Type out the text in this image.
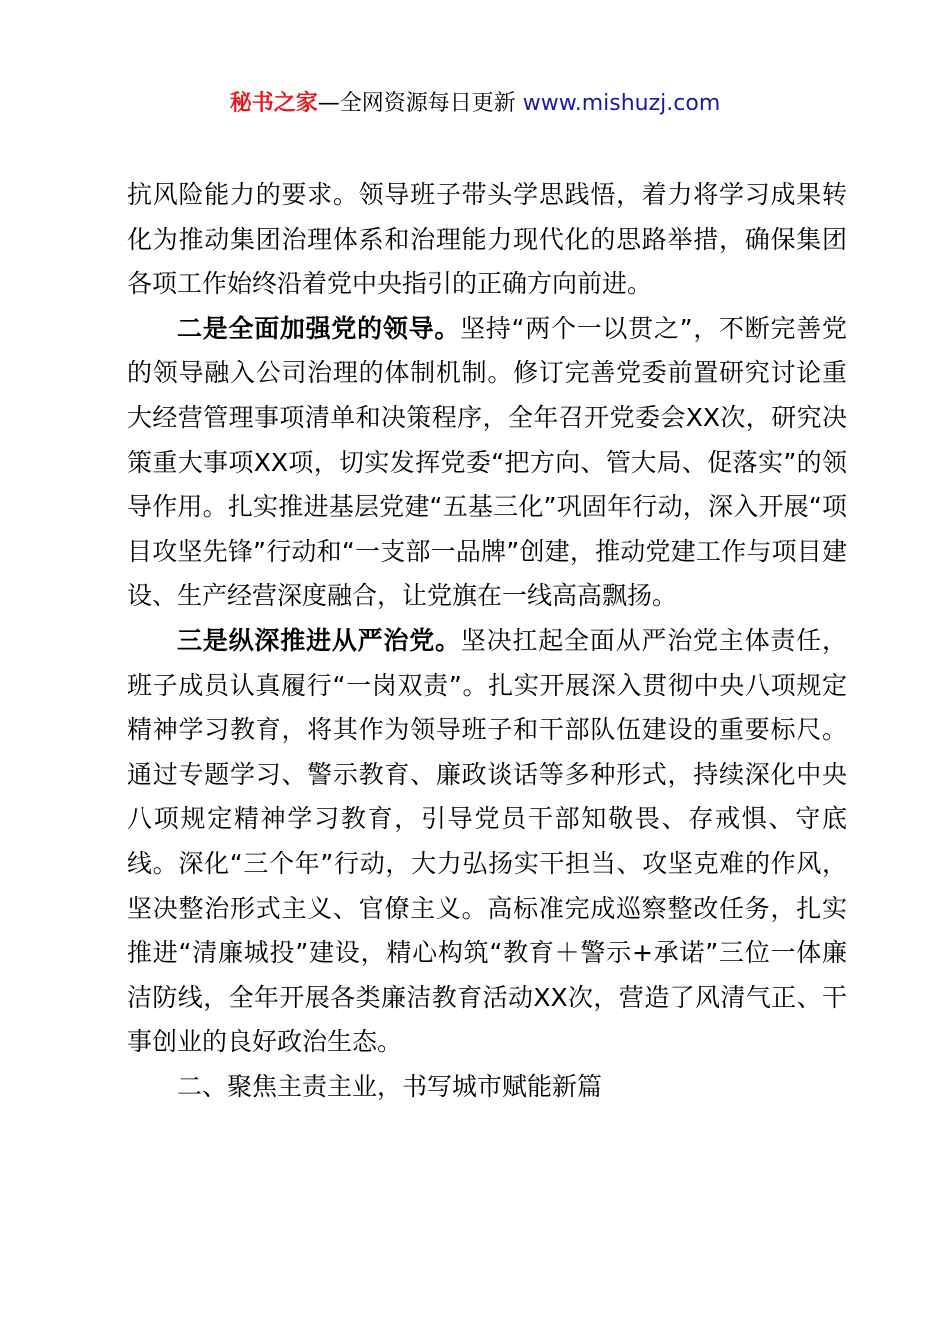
秘书之家—全网资源每日更新 www.mishuzj.com

抗风险能力的要求。领导班子带头学思践悟，着力将学习成果转化为推动集团治理体系和治理能力现代化的思路举措，确保集团各项工作始终沿着党中央指引的正确方向前进。

二是全面加强党的领导。坚持“两个一以贯之”，不断完善党的领导融入公司治理的体制机制。修订完善党委前置研究讨论重大经营管理事项清单和决策程序，全年召开党委会XX次，研究决策重大事项XX项，切实发挥党委“把方向、管大局、促落实”的领导作用。扎实推进基层党建“五基三化”巩固年行动，深入开展“项目攻坚先锋”行动和“一支部一品牌”创建，推动党建工作与项目建设、生产经营深度融合，让党旗在一线高高飘扬。

三是纵深推进从严治党。坚决扛起全面从严治党主体责任，班子成员认真履行“一岗双责”。扎实开展深入贯彻中央八项规定精神学习教育，将其作为领导班子和干部队伍建设的重要标尺。通过专题学习、警示教育、廉政谈话等多种形式，持续深化中央八项规定精神学习教育，引导党员干部知敬畏、存戒惧、守底线。深化“三个年”行动，大力弘扬实干担当、攻坚克难的作风，坚决整治形式主义、官僚主义。高标准完成巡察整改任务，扎实推进“清廉城投”建设，精心构筑“教育＋警示+承诺”三位一体廉洁防线，全年开展各类廉洁教育活动XX次，营造了风清气正、干事创业的良好政治生态。

二、聚焦主责主业，书写城市赋能新篇
